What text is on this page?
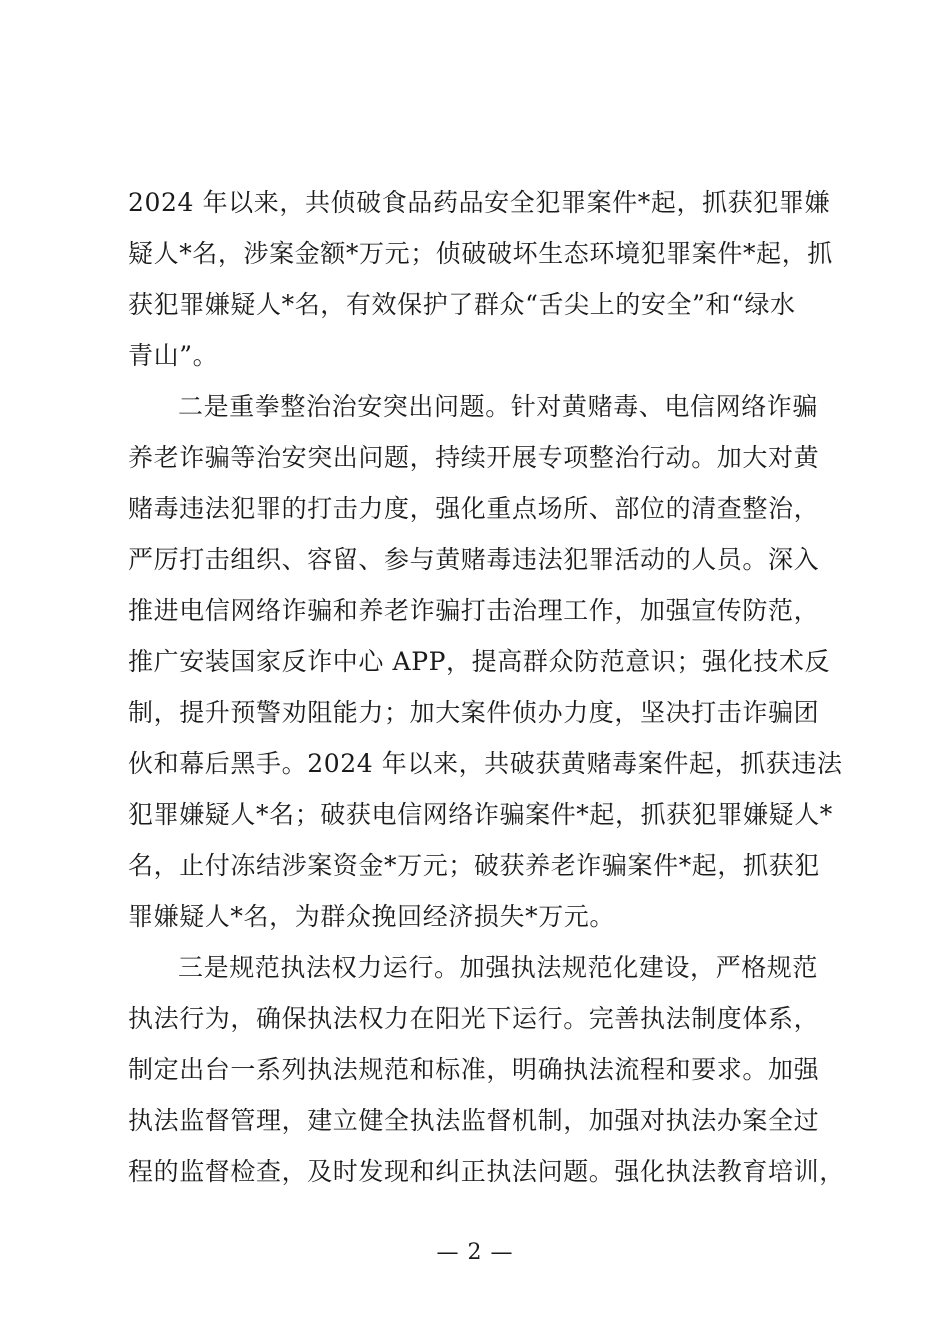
2024 年以来，共侦破食品药品安全犯罪案件*起，抓获犯罪嫌
疑人*名，涉案金额*万元；侦破破坏生态环境犯罪案件*起，抓
获犯罪嫌疑人*名，有效保护了群众“舌尖上的安全”和“绿水
青山”。
二是重拳整治治安突出问题。针对黄赌毒、电信网络诈骗
养老诈骗等治安突出问题，持续开展专项整治行动。加大对黄
赌毒违法犯罪的打击力度，强化重点场所、部位的清查整治，
严厉打击组织、容留、参与黄赌毒违法犯罪活动的人员。深入
推进电信网络诈骗和养老诈骗打击治理工作，加强宣传防范，
推广安装国家反诈中心 APP，提高群众防范意识；强化技术反
制，提升预警劝阻能力；加大案件侦办力度，坚决打击诈骗团
伙和幕后黑手。2024 年以来，共破获黄赌毒案件起，抓获违法
犯罪嫌疑人*名；破获电信网络诈骗案件*起，抓获犯罪嫌疑人*
名，止付冻结涉案资金*万元；破获养老诈骗案件*起，抓获犯
罪嫌疑人*名，为群众挽回经济损失*万元。
三是规范执法权力运行。加强执法规范化建设，严格规范
执法行为，确保执法权力在阳光下运行。完善执法制度体系，
制定出台一系列执法规范和标准，明确执法流程和要求。加强
执法监督管理，建立健全执法监督机制，加强对执法办案全过
程的监督检查，及时发现和纠正执法问题。强化执法教育培训，
— 2 —
